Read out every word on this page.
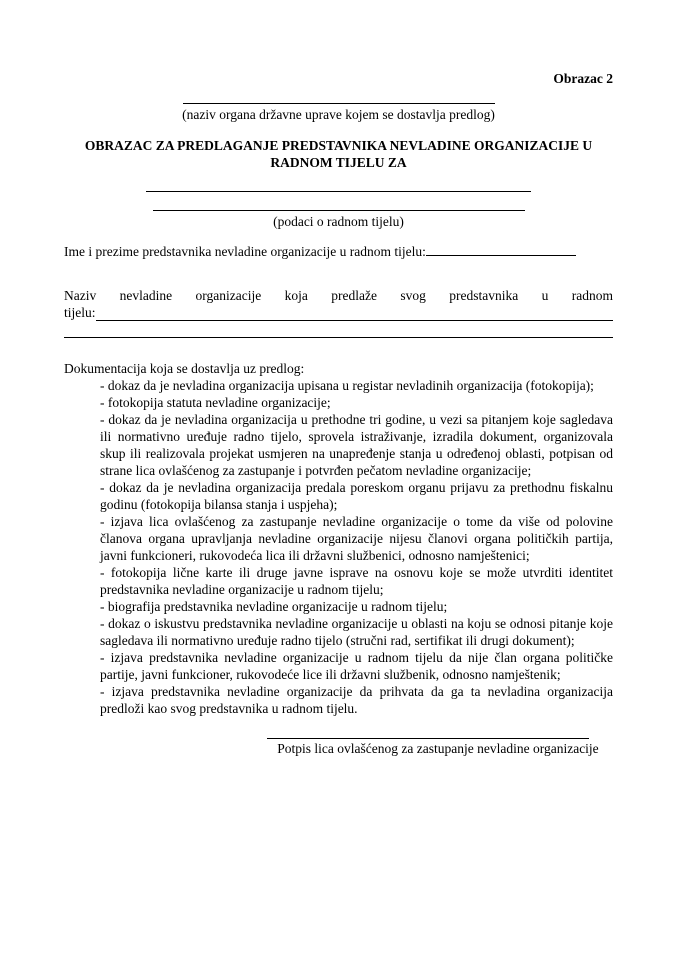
Obrazac 2
(naziv organa državne uprave kojem se dostavlja predlog)
OBRAZAC ZA PREDLAGANJE PREDSTAVNIKA NEVLADINE ORGANIZACIJE U
RADNOM TIJELU ZA
(podaci o radnom tijelu)
Ime i prezime predstavnika nevladine organizacije u radnom tijelu:
Naziv nevladine organizacije koja predlaže svog predstavnika u radnom
tijelu:
Dokumentacija koja se dostavlja uz predlog:
- dokaz da je nevladina organizacija upisana u registar nevladinih organizacija (fotokopija);
- fotokopija statuta nevladine organizacije;
- dokaz da je nevladina organizacija u prethodne tri godine, u vezi sa pitanjem koje sagledava ili normativno uređuje radno tijelo, sprovela istraživanje, izradila dokument, organizovala skup ili realizovala projekat usmjeren na unapređenje stanja u određenoj oblasti, potpisan od strane lica ovlašćenog za zastupanje i potvrđen pečatom nevladine organizacije;
- dokaz da je nevladina organizacija predala poreskom organu prijavu za prethodnu fiskalnu godinu (fotokopija bilansa stanja i uspjeha);
- izjava lica ovlašćenog za zastupanje nevladine organizacije o tome da više od polovine članova organa upravljanja nevladine organizacije nijesu članovi organa političkih partija, javni funkcioneri, rukovodeća lica ili državni službenici, odnosno namještenici;
- fotokopija lične karte ili druge javne isprave na osnovu koje se može utvrditi identitet predstavnika nevladine organizacije u radnom tijelu;
- biografija predstavnika nevladine organizacije u radnom tijelu;
- dokaz o iskustvu predstavnika nevladine organizacije u oblasti na koju se odnosi pitanje koje sagledava ili normativno uređuje radno tijelo (stručni rad, sertifikat ili drugi dokument);
- izjava predstavnika nevladine organizacije u radnom tijelu da nije član organa političke partije, javni funkcioner, rukovodeće lice ili državni službenik, odnosno namještenik;
- izjava predstavnika nevladine organizacije da prihvata da ga ta nevladina organizacija predloži kao svog predstavnika u radnom tijelu.
Potpis lica ovlašćenog za zastupanje nevladine organizacije
